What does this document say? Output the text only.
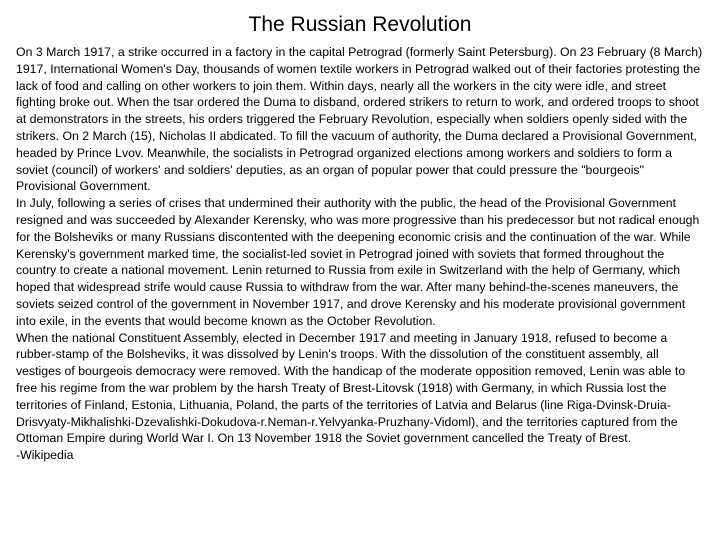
The Russian Revolution

On 3 March 1917, a strike occurred in a factory in the capital Petrograd (formerly Saint Petersburg). On 23 February (8 March) 1917, International Women's Day, thousands of women textile workers in Petrograd walked out of their factories protesting the lack of food and calling on other workers to join them. Within days, nearly all the workers in the city were idle, and street fighting broke out. When the tsar ordered the Duma to disband, ordered strikers to return to work, and ordered troops to shoot at demonstrators in the streets, his orders triggered the February Revolution, especially when soldiers openly sided with the strikers. On 2 March (15), Nicholas II abdicated. To fill the vacuum of authority, the Duma declared a Provisional Government, headed by Prince Lvov. Meanwhile, the socialists in Petrograd organized elections among workers and soldiers to form a soviet (council) of workers' and soldiers' deputies, as an organ of popular power that could pressure the "bourgeois" Provisional Government.

In July, following a series of crises that undermined their authority with the public, the head of the Provisional Government resigned and was succeeded by Alexander Kerensky, who was more progressive than his predecessor but not radical enough for the Bolsheviks or many Russians discontented with the deepening economic crisis and the continuation of the war. While Kerensky's government marked time, the socialist-led soviet in Petrograd joined with soviets that formed throughout the country to create a national movement. Lenin returned to Russia from exile in Switzerland with the help of Germany, which hoped that widespread strife would cause Russia to withdraw from the war. After many behind-the-scenes maneuvers, the soviets seized control of the government in November 1917, and drove Kerensky and his moderate provisional government into exile, in the events that would become known as the October Revolution.

When the national Constituent Assembly, elected in December 1917 and meeting in January 1918, refused to become a rubber-stamp of the Bolsheviks, it was dissolved by Lenin's troops. With the dissolution of the constituent assembly, all vestiges of bourgeois democracy were removed. With the handicap of the moderate opposition removed, Lenin was able to free his regime from the war problem by the harsh Treaty of Brest-Litovsk (1918) with Germany, in which Russia lost the territories of Finland, Estonia, Lithuania, Poland, the parts of the territories of Latvia and Belarus (line Riga-Dvinsk-Druia-Drisvyaty-Mikhalishki-Dzevalishki-Dokudova-r.Neman-r.Yelvyanka-Pruzhany-Vidoml), and the territories captured from the Ottoman Empire during World War I. On 13 November 1918 the Soviet government cancelled the Treaty of Brest.

-Wikipedia
